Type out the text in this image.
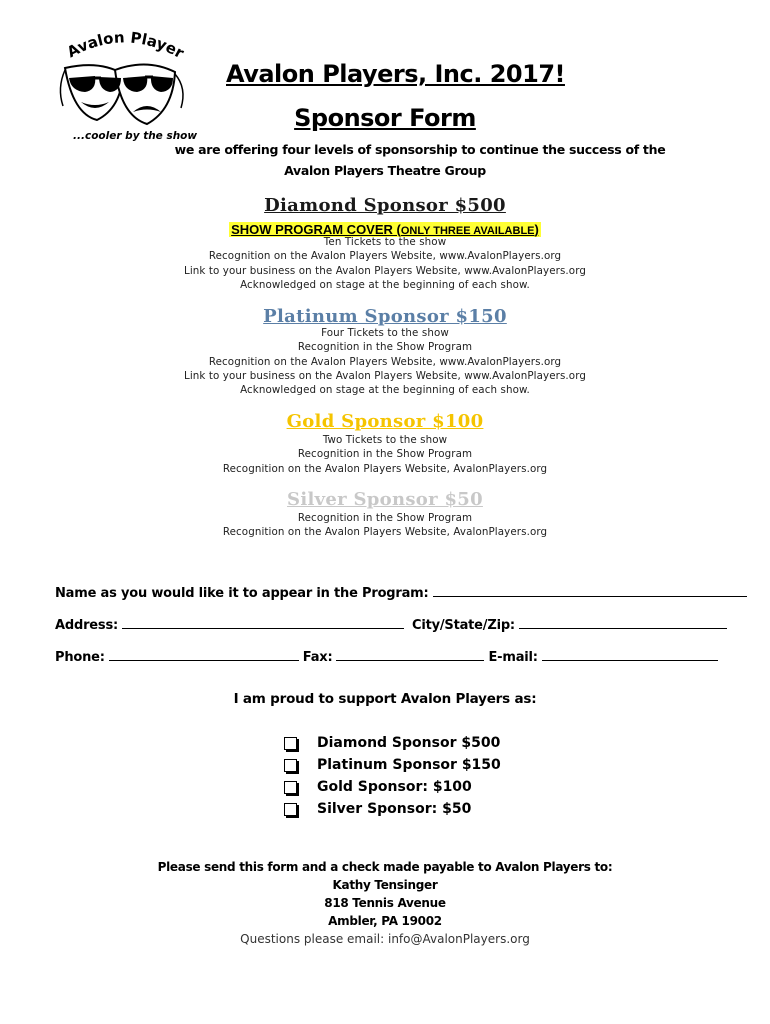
Avalon Player
...cooler by the show
Avalon Players, Inc. 2017!
Sponsor Form
we are offering four levels of sponsorship to continue the success of the
Avalon Players Theatre Group
Diamond Sponsor $500
SHOW PROGRAM COVER (ONLY THREE AVAILABLE)
Ten Tickets to the show
Recognition on the Avalon Players Website, www.AvalonPlayers.org
Link to your business on the Avalon Players Website, www.AvalonPlayers.org
Acknowledged on stage at the beginning of each show.
Platinum Sponsor $150
Four Tickets to the show
Recognition in the Show Program
Recognition on the Avalon Players Website, www.AvalonPlayers.org
Link to your business on the Avalon Players Website, www.AvalonPlayers.org
Acknowledged on stage at the beginning of each show.
Gold Sponsor $100
Two Tickets to the show
Recognition in the Show Program
Recognition on the Avalon Players Website, AvalonPlayers.org
Silver Sponsor $50
Recognition in the Show Program
Recognition on the Avalon Players Website, AvalonPlayers.org
Name as you would like it to appear in the Program:
Address:	City/State/Zip:
Phone:	Fax:	E-mail:
I am proud to support Avalon Players as:
Diamond Sponsor $500
Platinum Sponsor $150
Gold Sponsor: $100
Silver Sponsor: $50
Please send this form and a check made payable to Avalon Players to:
Kathy Tensinger
818 Tennis Avenue
Ambler, PA 19002
Questions please email: info@AvalonPlayers.org
